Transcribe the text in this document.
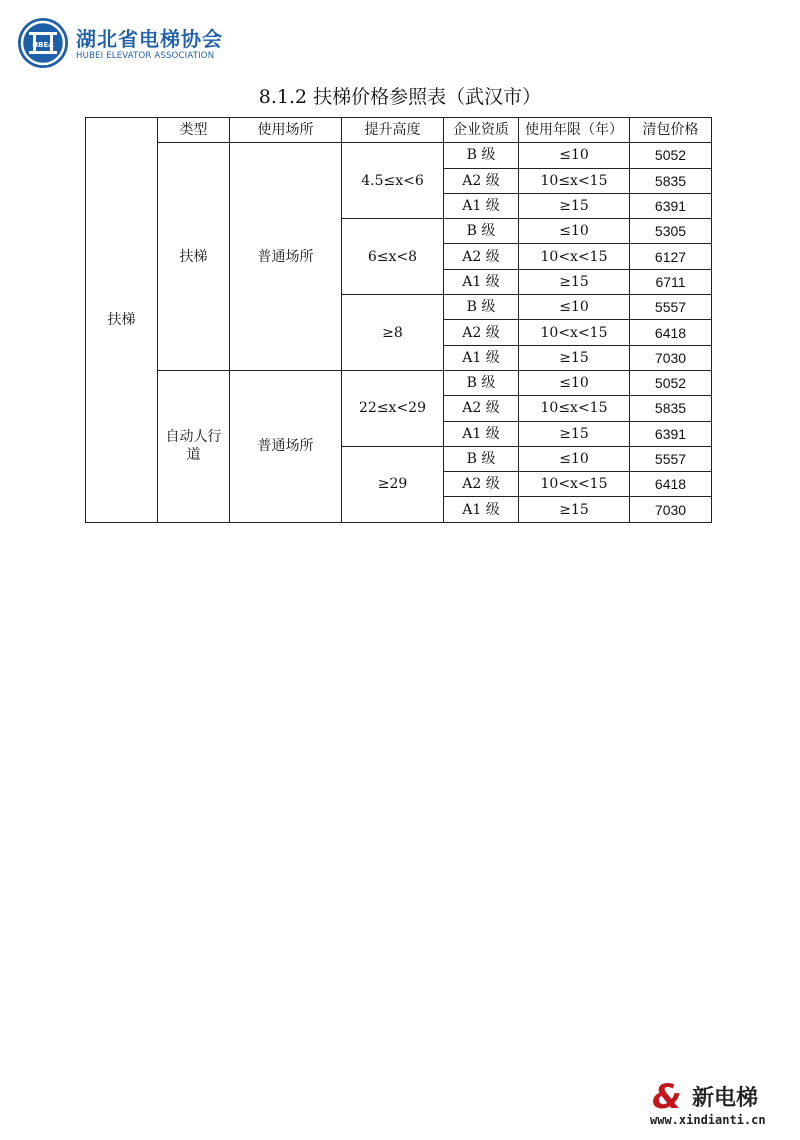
HBEA 湖北省电梯协会
HUBEI ELEVATOR ASSOCIATION
8.1.2 扶梯价格参照表（武汉市）
扶梯	类型	使用场所	提升高度	企业资质	使用年限（年）	清包价格
	扶梯	普通场所	4.5≤x<6	B 级	≤10	5052
				A2 级	10≤x<15	5835
				A1 级	≥15	6391
			6≤x<8	B 级	≤10	5305
				A2 级	10<x<15	6127
				A1 级	≥15	6711
			≥8	B 级	≤10	5557
				A2 级	10<x<15	6418
				A1 级	≥15	7030
	自动人行道	普通场所	22≤x<29	B 级	≤10	5052
				A2 级	10≤x<15	5835
				A1 级	≥15	6391
			≥29	B 级	≤10	5557
				A2 级	10<x<15	6418
				A1 级	≥15	7030
& 新电梯
www.xindianti.cn
